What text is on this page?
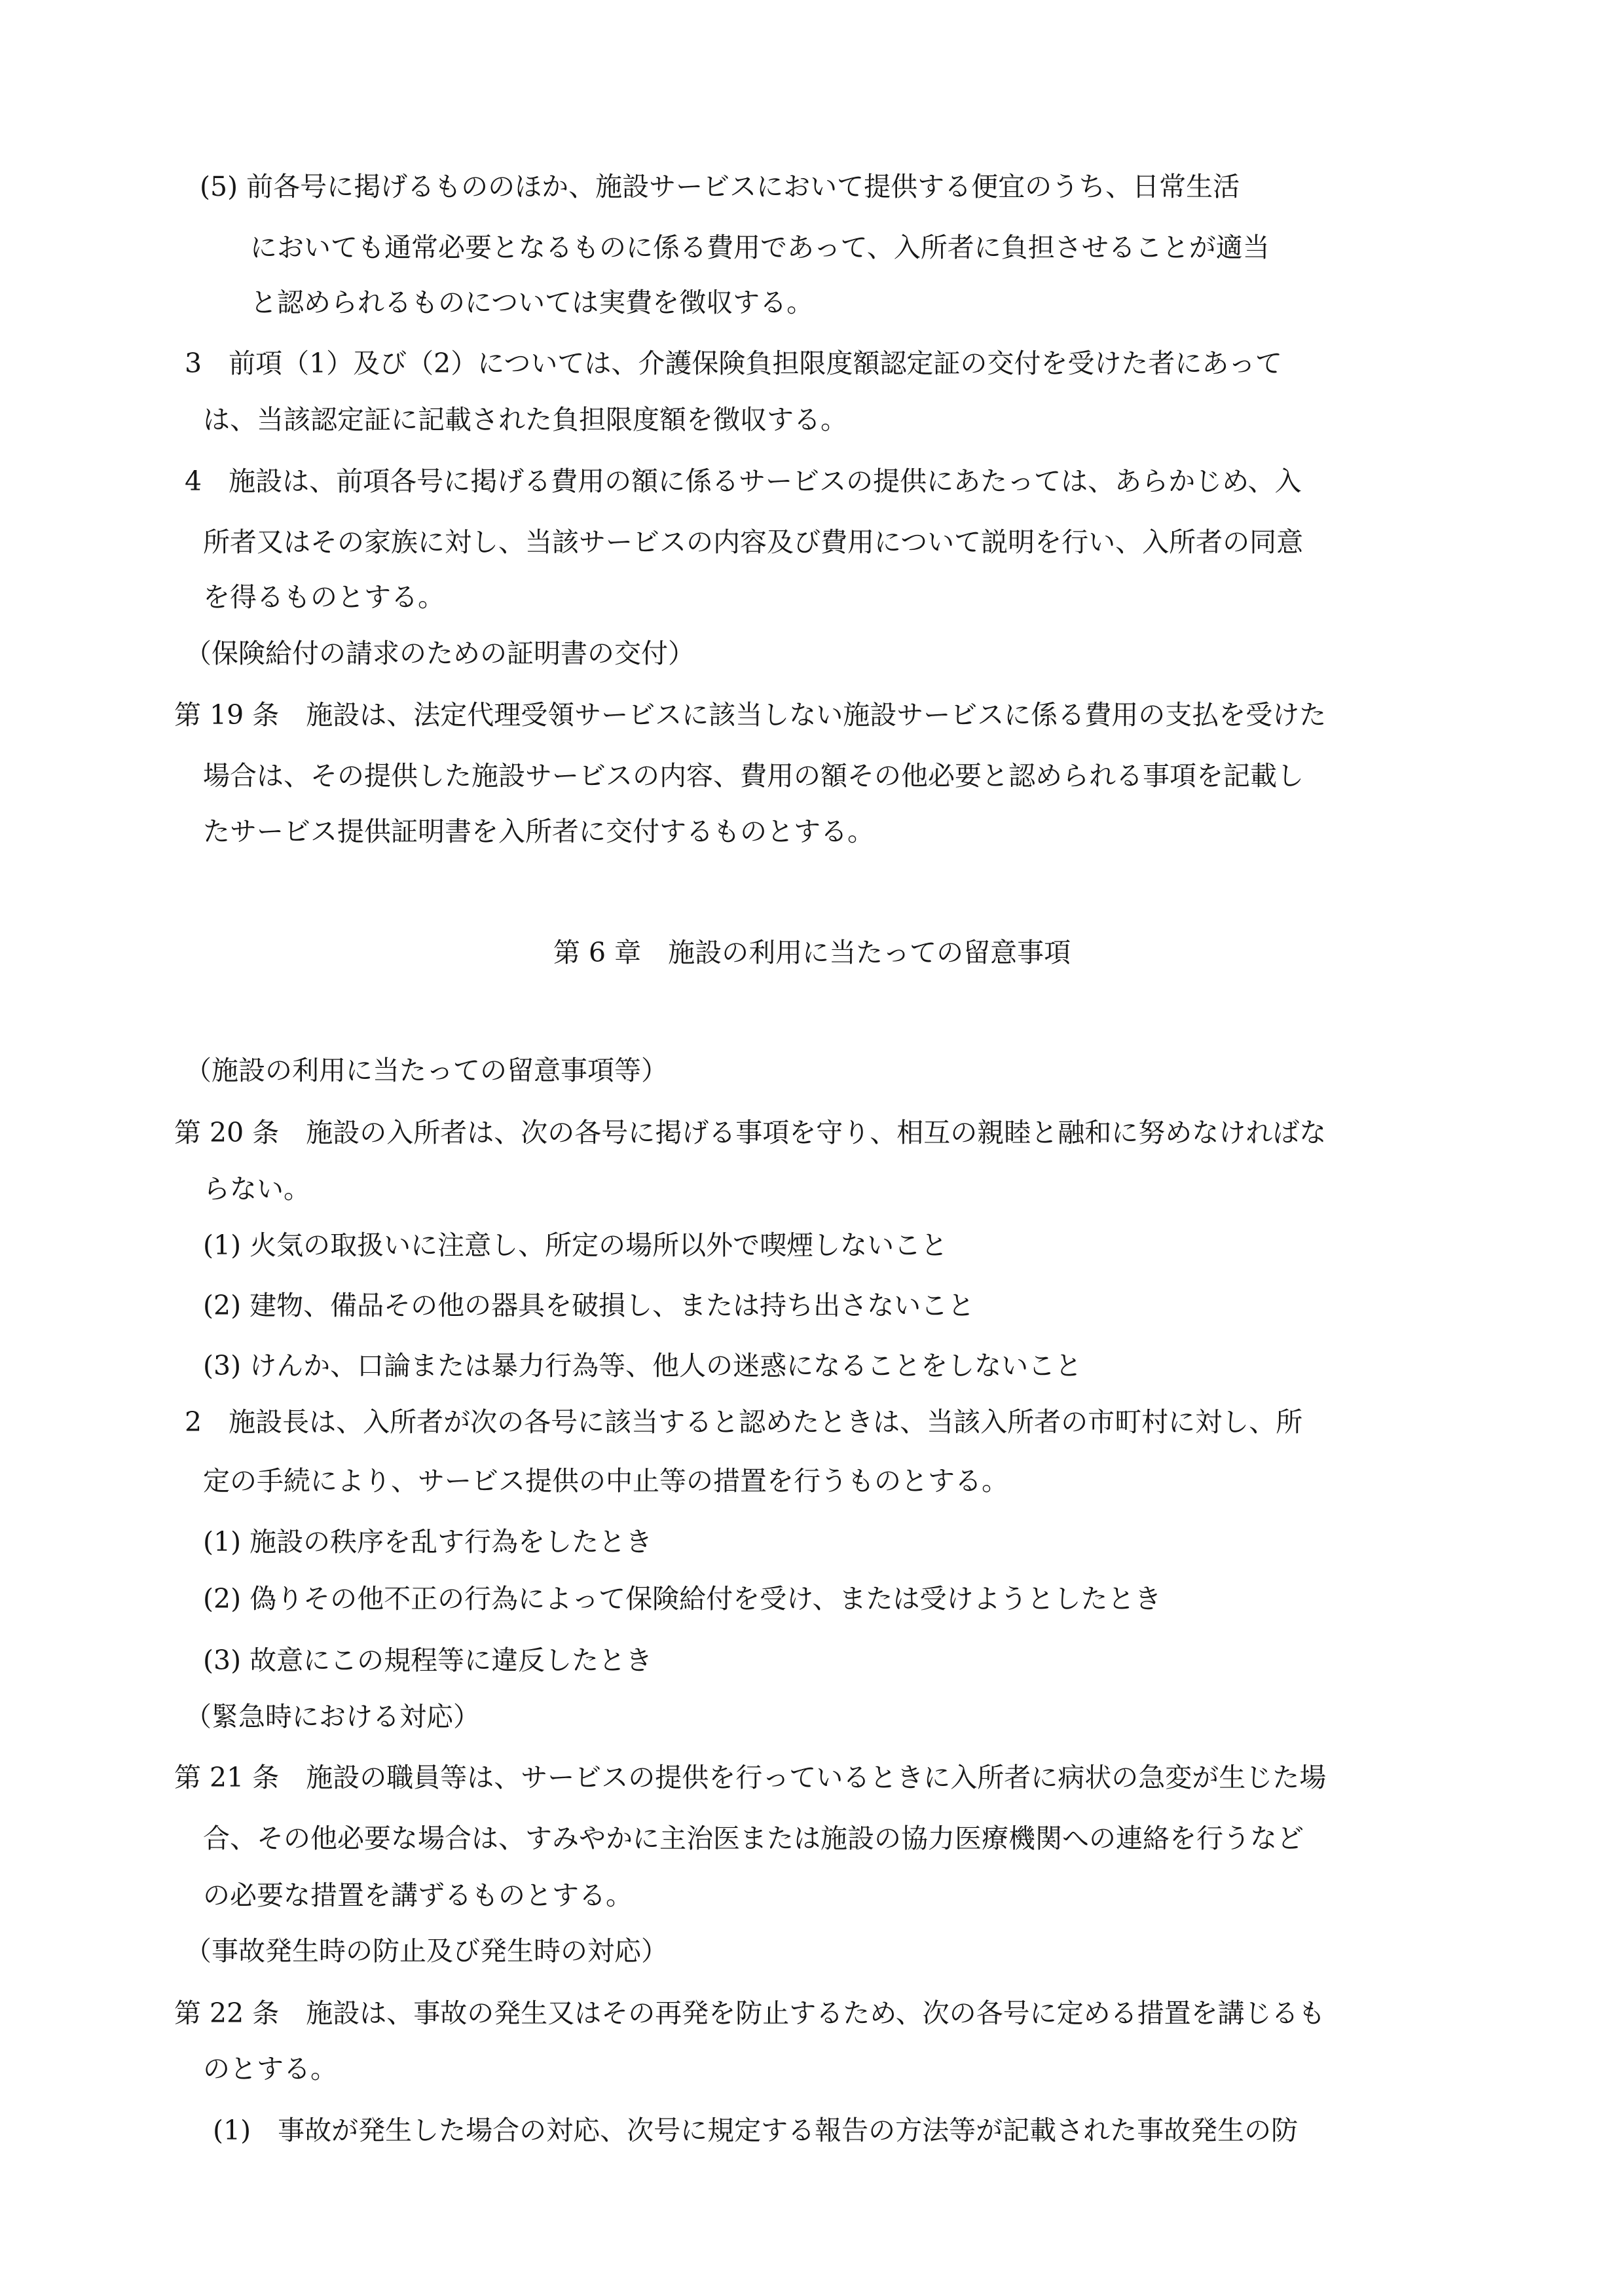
(5) 前各号に掲げるもののほか、施設サービスにおいて提供する便宜のうち、日常生活

においても通常必要となるものに係る費用であって、入所者に負担させることが適当

と認められるものについては実費を徴収する。

3　前項（1）及び（2）については、介護保険負担限度額認定証の交付を受けた者にあって

は、当該認定証に記載された負担限度額を徴収する。

4　施設は、前項各号に掲げる費用の額に係るサービスの提供にあたっては、あらかじめ、入

所者又はその家族に対し、当該サービスの内容及び費用について説明を行い、入所者の同意

を得るものとする。

（保険給付の請求のための証明書の交付）

第 19 条　施設は、法定代理受領サービスに該当しない施設サービスに係る費用の支払を受けた

場合は、その提供した施設サービスの内容、費用の額その他必要と認められる事項を記載し

たサービス提供証明書を入所者に交付するものとする。

第 6 章　施設の利用に当たっての留意事項

（施設の利用に当たっての留意事項等）

第 20 条　施設の入所者は、次の各号に掲げる事項を守り、相互の親睦と融和に努めなければな

らない。

(1) 火気の取扱いに注意し、所定の場所以外で喫煙しないこと

(2) 建物、備品その他の器具を破損し、または持ち出さないこと

(3) けんか、口論または暴力行為等、他人の迷惑になることをしないこと

2　施設長は、入所者が次の各号に該当すると認めたときは、当該入所者の市町村に対し、所

定の手続により、サービス提供の中止等の措置を行うものとする。

(1) 施設の秩序を乱す行為をしたとき

(2) 偽りその他不正の行為によって保険給付を受け、または受けようとしたとき

(3) 故意にこの規程等に違反したとき

（緊急時における対応）

第 21 条　施設の職員等は、サービスの提供を行っているときに入所者に病状の急変が生じた場

合、その他必要な場合は、すみやかに主治医または施設の協力医療機関への連絡を行うなど

の必要な措置を講ずるものとする。

（事故発生時の防止及び発生時の対応）

第 22 条　施設は、事故の発生又はその再発を防止するため、次の各号に定める措置を講じるも

のとする。

(1)　事故が発生した場合の対応、次号に規定する報告の方法等が記載された事故発生の防
